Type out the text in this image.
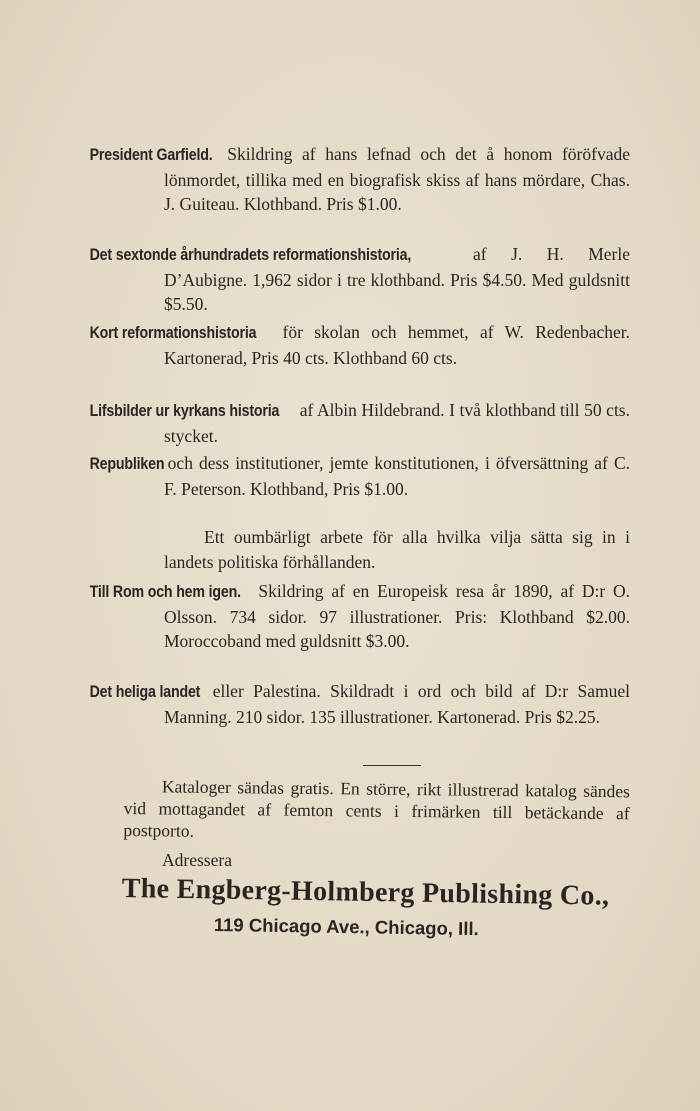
President Garfield. Skildring af hans lefnad och det å honom föröfvade lönmordet, tillika med en biografisk skiss af hans mördare, Chas. J. Guiteau. Klothband. Pris $1.00.
Det sextonde århundradets reformationshistoria, af J. H. Merle D’Aubigne. 1,962 sidor i tre klothband. Pris $4.50. Med guldsnitt $5.50.
Kort reformationshistoria för skolan och hemmet, af W. Redenbacher. Kartonerad, Pris 40 cts. Klothband 60 cts.
Lifsbilder ur kyrkans historia af Albin Hildebrand. I två klothband till 50 cts. stycket.
Republiken och dess institutioner, jemte konstitutionen, i öfversättning af C. F. Peterson. Klothband, Pris $1.00.
Ett oumbärligt arbete för alla hvilka vilja sätta sig in i landets politiska förhållanden.
Till Rom och hem igen. Skildring af en Europeisk resa år 1890, af D:r O. Olsson. 734 sidor. 97 illustrationer. Pris: Klothband $2.00. Moroccoband med guldsnitt $3.00.
Det heliga landet eller Palestina. Skildradt i ord och bild af D:r Samuel Manning. 210 sidor. 135 illustrationer. Kartonerad. Pris $2.25.
Kataloger sändas gratis. En större, rikt illustrerad katalog sändes vid mottagandet af femton cents i frimärken till betäckande af postporto.
Adressera
The Engberg-Holmberg Publishing Co.,
119 Chicago Ave., Chicago, Ill.
